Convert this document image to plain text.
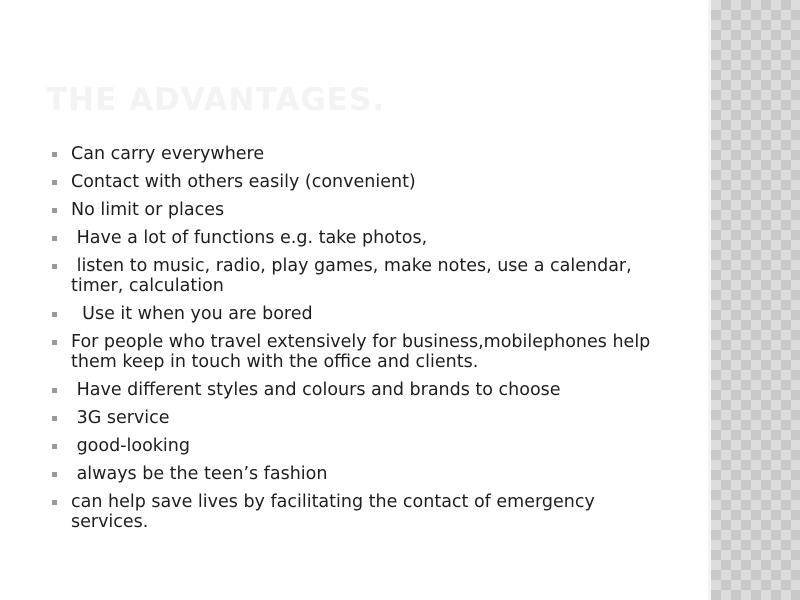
THE ADVANTAGES.
Can carry everywhere
Contact with others easily (convenient)
No limit or places
Have a lot of functions e.g. take photos,
listen to music, radio, play games, make notes, use a calendar, timer, calculation
Use it when you are bored
For people who travel extensively for business,mobilephones help them keep in touch with the office and clients.
Have different styles and colours and brands to choose
3G service
good-looking
always be the teen’s fashion
can help save lives by facilitating the contact of emergency services.
